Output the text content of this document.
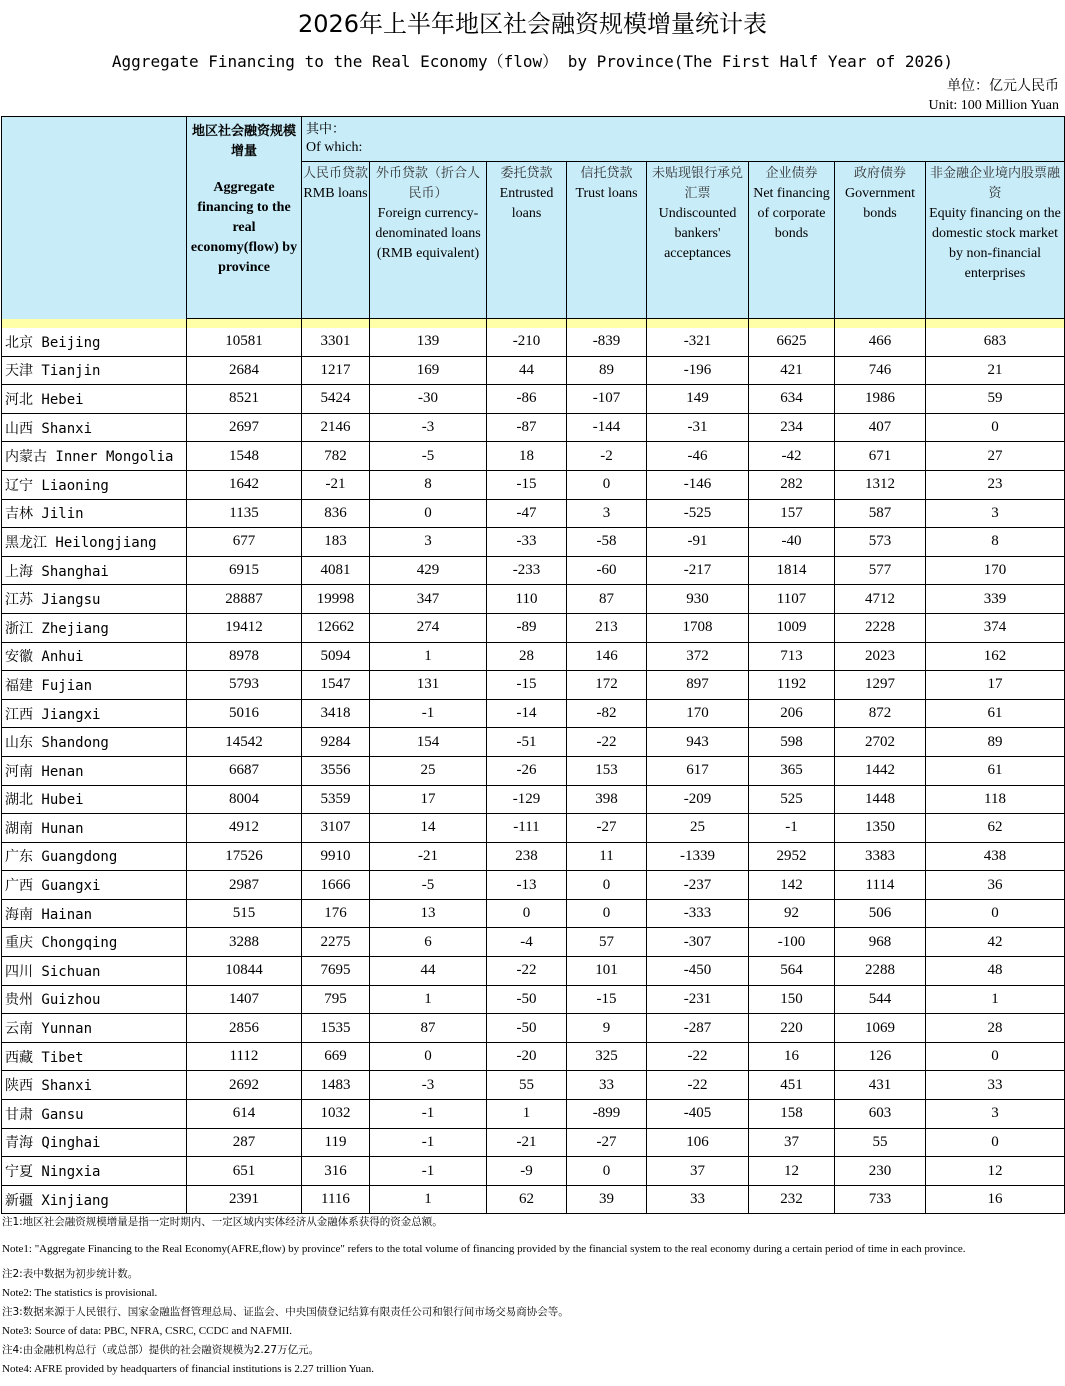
2026年上半年地区社会融资规模增量统计表
Aggregate Financing to the Real Economy（flow） by Province(The First Half Year of 2026)
单位：亿元人民币
Unit: 100 Million Yuan

	地区社会融资规模增量
Aggregate financing to the real economy(flow) by province	其中：
Of which:							

		人民币贷款
RMB loans	外币贷款（折合人民币）
Foreign currency-denominated loans (RMB equivalent)	委托贷款
Entrusted loans	信托贷款
Trust loans	未贴现银行承兑汇票
Undiscounted bankers' acceptances	企业债券
Net financing of corporate bonds	政府债券
Government bonds	非金融企业境内股票融资
Equity financing on the domestic stock market by non-financial enterprises

北京 Beijing	10581	3301	139	-210	-839	-321	6625	466	683
天津 Tianjin	2684	1217	169	44	89	-196	421	746	21
河北 Hebei	8521	5424	-30	-86	-107	149	634	1986	59
山西 Shanxi	2697	2146	-3	-87	-144	-31	234	407	0
内蒙古 Inner Mongolia	1548	782	-5	18	-2	-46	-42	671	27
辽宁 Liaoning	1642	-21	8	-15	0	-146	282	1312	23
吉林 Jilin	1135	836	0	-47	3	-525	157	587	3
黑龙江 Heilongjiang	677	183	3	-33	-58	-91	-40	573	8
上海 Shanghai	6915	4081	429	-233	-60	-217	1814	577	170
江苏 Jiangsu	28887	19998	347	110	87	930	1107	4712	339
浙江 Zhejiang	19412	12662	274	-89	213	1708	1009	2228	374
安徽 Anhui	8978	5094	1	28	146	372	713	2023	162
福建 Fujian	5793	1547	131	-15	172	897	1192	1297	17
江西 Jiangxi	5016	3418	-1	-14	-82	170	206	872	61
山东 Shandong	14542	9284	154	-51	-22	943	598	2702	89
河南 Henan	6687	3556	25	-26	153	617	365	1442	61
湖北 Hubei	8004	5359	17	-129	398	-209	525	1448	118
湖南 Hunan	4912	3107	14	-111	-27	25	-1	1350	62
广东 Guangdong	17526	9910	-21	238	11	-1339	2952	3383	438
广西 Guangxi	2987	1666	-5	-13	0	-237	142	1114	36
海南 Hainan	515	176	13	0	0	-333	92	506	0
重庆 Chongqing	3288	2275	6	-4	57	-307	-100	968	42
四川 Sichuan	10844	7695	44	-22	101	-450	564	2288	48
贵州 Guizhou	1407	795	1	-50	-15	-231	150	544	1
云南 Yunnan	2856	1535	87	-50	9	-287	220	1069	28
西藏 Tibet	1112	669	0	-20	325	-22	16	126	0
陕西 Shanxi	2692	1483	-3	55	33	-22	451	431	33
甘肃 Gansu	614	1032	-1	1	-899	-405	158	603	3
青海 Qinghai	287	119	-1	-21	-27	106	37	55	0
宁夏 Ningxia	651	316	-1	-9	0	37	12	230	12
新疆 Xinjiang	2391	1116	1	62	39	33	232	733	16
注1:地区社会融资规模增量是指一定时期内、一定区域内实体经济从金融体系获得的资金总额。
Note1: "Aggregate Financing to the Real Economy(AFRE,flow) by province" refers to the total volume of financing provided by the financial system to the real economy during a certain period of time in each province.
注2:表中数据为初步统计数。
Note2: The statistics is provisional.
注3:数据来源于人民银行、国家金融监督管理总局、证监会、中央国债登记结算有限责任公司和银行间市场交易商协会等。
Note3: Source of data: PBC, NFRA, CSRC, CCDC and NAFMII.
注4:由金融机构总行（或总部）提供的社会融资规模为2.27万亿元。
Note4: AFRE provided by headquarters of financial institutions is 2.27 trillion Yuan.
